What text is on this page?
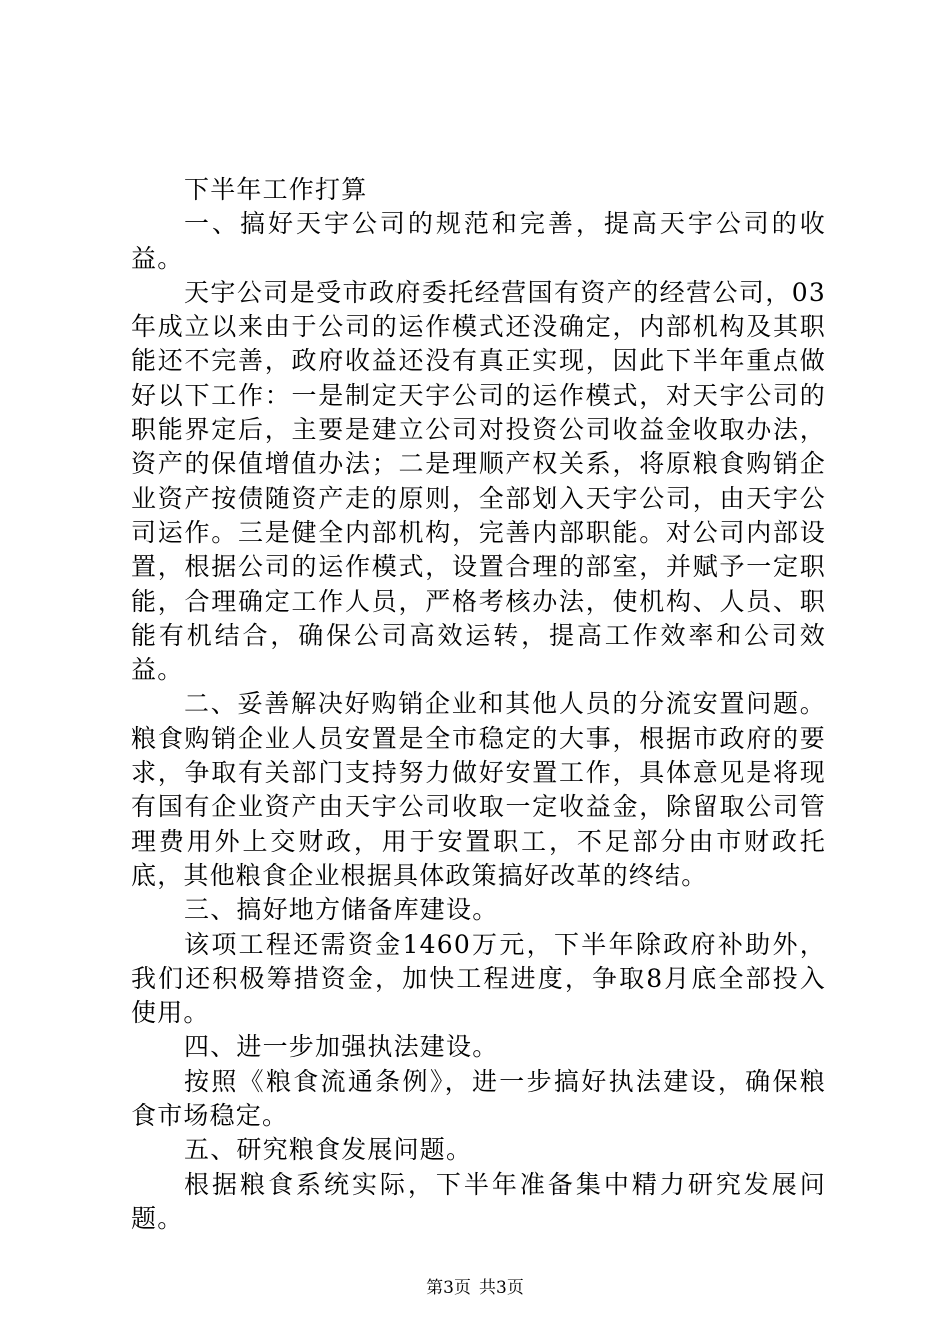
下半年工作打算

一、搞好天宇公司的规范和完善，提高天宇公司的收益。

天宇公司是受市政府委托经营国有资产的经营公司，03年成立以来由于公司的运作模式还没确定，内部机构及其职能还不完善，政府收益还没有真正实现，因此下半年重点做好以下工作：一是制定天宇公司的运作模式，对天宇公司的职能界定后，主要是建立公司对投资公司收益金收取办法，资产的保值增值办法；二是理顺产权关系，将原粮食购销企业资产按债随资产走的原则，全部划入天宇公司，由天宇公司运作。三是健全内部机构，完善内部职能。对公司内部设置，根据公司的运作模式，设置合理的部室，并赋予一定职能，合理确定工作人员，严格考核办法，使机构、人员、职能有机结合，确保公司高效运转，提高工作效率和公司效益。

二、妥善解决好购销企业和其他人员的分流安置问题。粮食购销企业人员安置是全市稳定的大事，根据市政府的要求，争取有关部门支持努力做好安置工作，具体意见是将现有国有企业资产由天宇公司收取一定收益金，除留取公司管理费用外上交财政，用于安置职工，不足部分由市财政托底，其他粮食企业根据具体政策搞好改革的终结。

三、搞好地方储备库建设。

该项工程还需资金1460万元，下半年除政府补助外，我们还积极筹措资金，加快工程进度，争取8月底全部投入使用。

四、进一步加强执法建设。

按照《粮食流通条例》，进一步搞好执法建设，确保粮食市场稳定。

五、研究粮食发展问题。

根据粮食系统实际，下半年准备集中精力研究发展问题。

第3页 共3页
